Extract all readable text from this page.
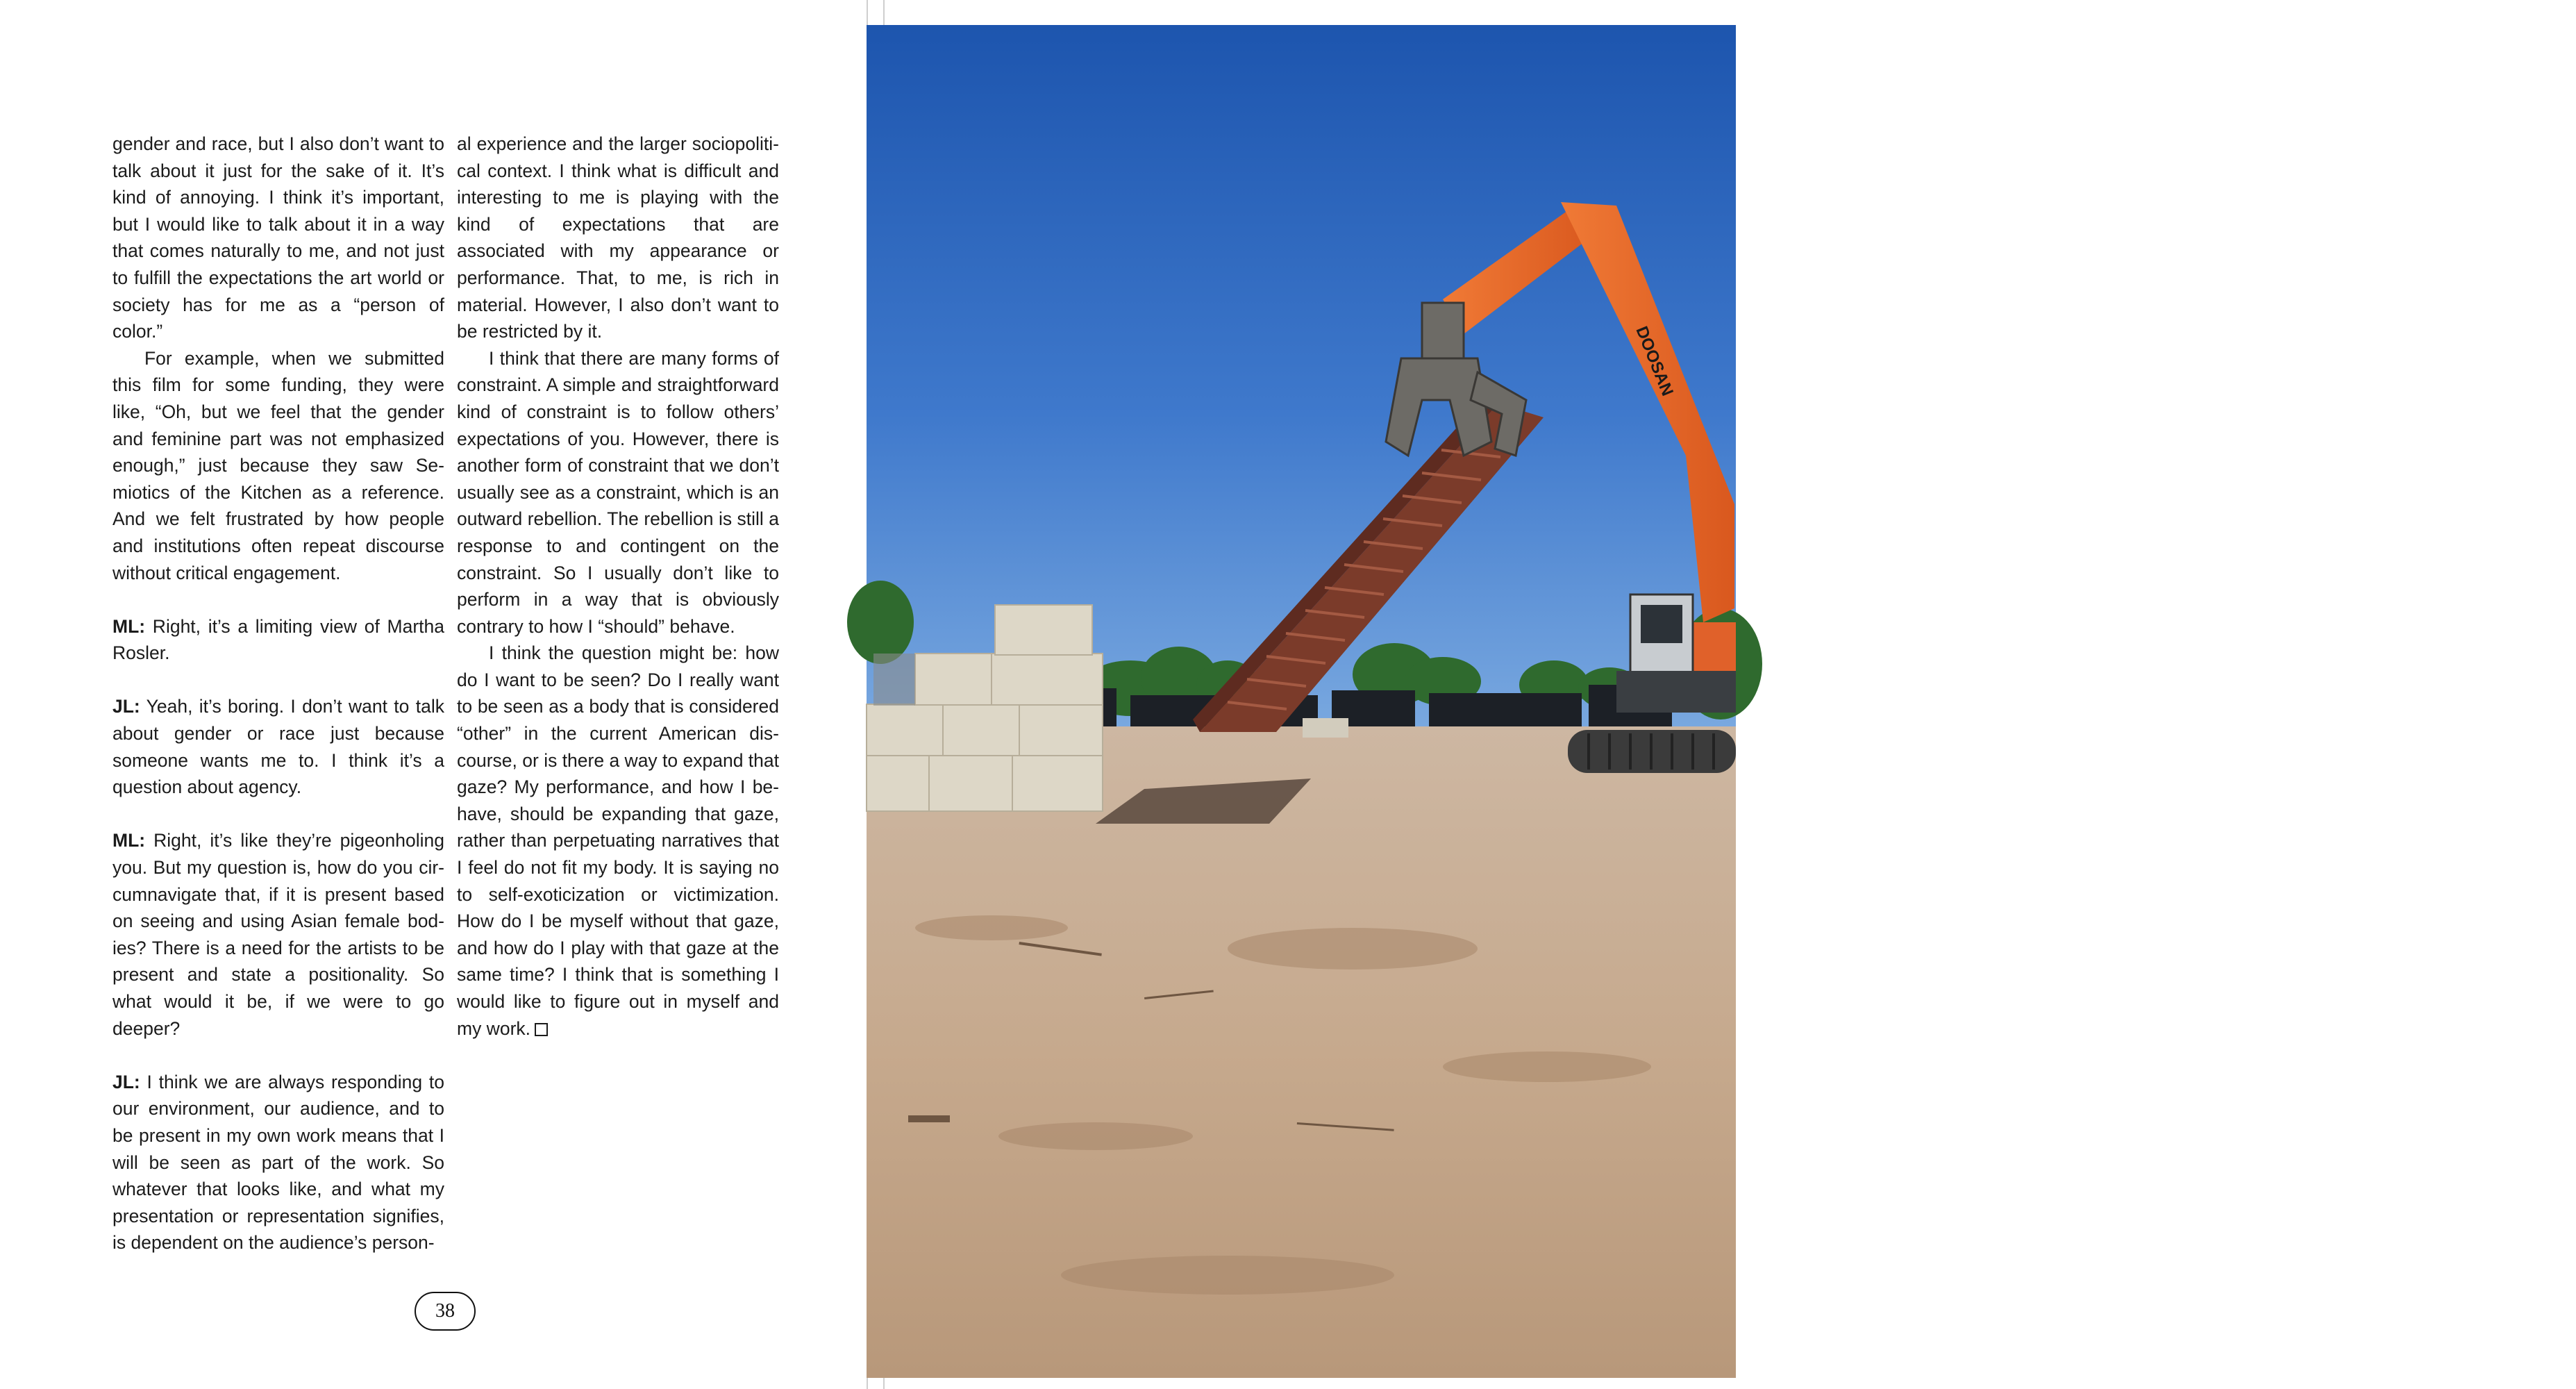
gender and race, but I also don’t want to talk about it just for the sake of it. It’s kind of annoying. I think it’s important, but I would like to talk about it in a way that comes naturally to me, and not just to fulfill the expectations the art world or society has for me as a “person of color.”

For example, when we submitted this film for some funding, they were like, “Oh, but we feel that the gender and feminine part was not emphasized enough,” just because they saw Semiotics of the Kitchen as a reference. And we felt frustrated by how people and institutions often repeat discourse without critical engagement.

ML: Right, it’s a limiting view of Martha Rosler.

JL: Yeah, it’s boring. I don’t want to talk about gender or race just because someone wants me to. I think it’s a question about agency.

ML: Right, it’s like they’re pigeonholing you. But my question is, how do you circumnavigate that, if it is present based on seeing and using Asian female bodies? There is a need for the artists to be present and state a positionality. So what would it be, if we were to go deeper?

JL: I think we are always responding to our environment, our audience, and to be present in my own work means that I will be seen as part of the work. So whatever that looks like, and what my presentation or representation signifies, is dependent on the audience’s person-

al experience and the larger sociopolitical context. I think what is difficult and interesting to me is playing with the kind of expectations that are associated with my appearance or performance. That, to me, is rich in material. However, I also don’t want to be restricted by it.

I think that there are many forms of constraint. A simple and straightforward kind of constraint is to follow others’ expectations of you. However, there is another form of constraint that we don’t usually see as a constraint, which is an outward rebellion. The rebellion is still a response to and contingent on the constraint. So I usually don’t like to perform in a way that is obviously contrary to how I “should” behave.

I think the question might be: how do I want to be seen? Do I really want to be seen as a body that is considered “other” in the current American discourse, or is there a way to expand that gaze? My performance, and how I behave, should be expanding that gaze, rather than perpetuating narratives that I feel do not fit my body. It is saying no to self-exoticization or victimization. How do I be myself without that gaze, and how do I play with that gaze at the same time? I think that is something I would like to figure out in myself and my work.

38
DOOSAN
Image: Experimenting with set components after hours.
